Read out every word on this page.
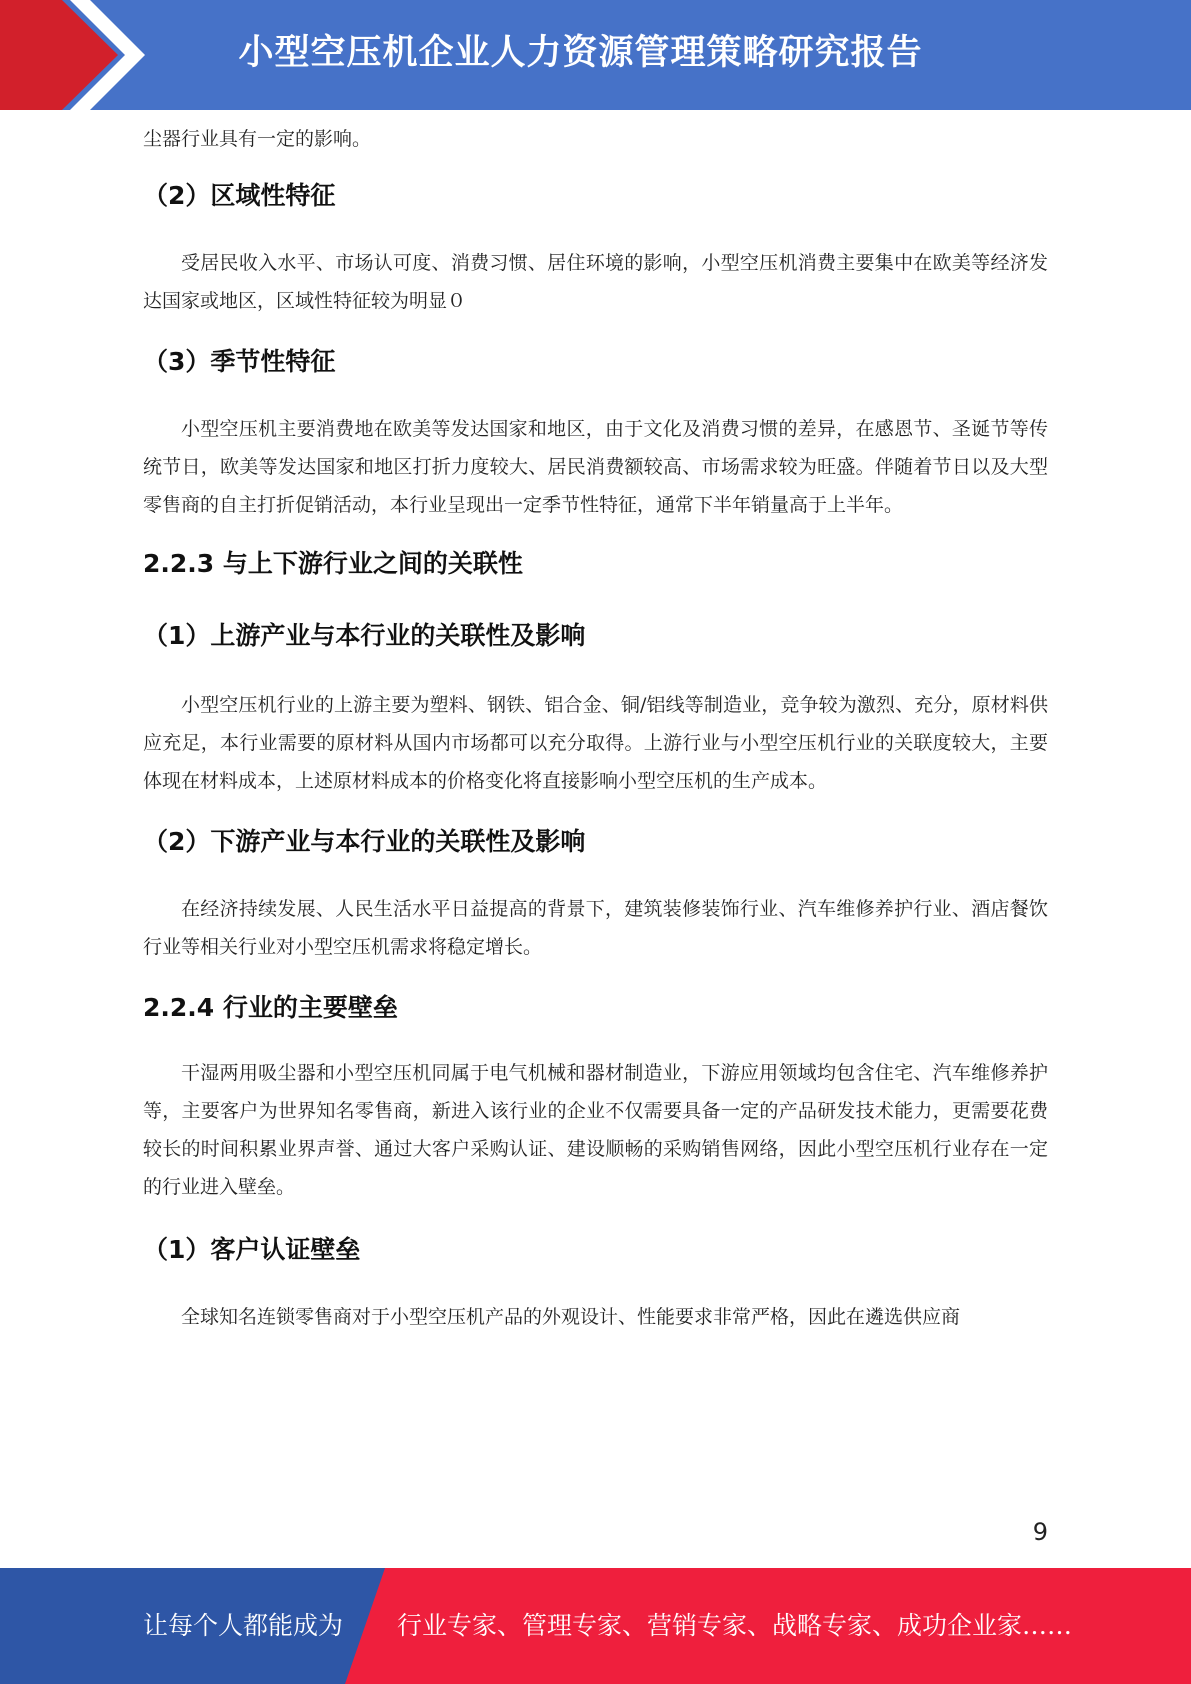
小型空压机企业人力资源管理策略研究报告

尘器行业具有一定的影响。

（2）区域性特征

受居民收入水平、市场认可度、消费习惯、居住环境的影响，小型空压机消费主要集中在欧美等经济发达国家或地区，区域性特征较为明显０

（3）季节性特征

小型空压机主要消费地在欧美等发达国家和地区，由于文化及消费习惯的差异，在感恩节、圣诞节等传统节日，欧美等发达国家和地区打折力度较大、居民消费额较高、市场需求较为旺盛。伴随着节日以及大型零售商的自主打折促销活动，本行业呈现出一定季节性特征，通常下半年销量高于上半年。

2.2.3 与上下游行业之间的关联性
（1）上游产业与本行业的关联性及影响

小型空压机行业的上游主要为塑料、钢铁、铝合金、铜/铝线等制造业，竞争较为激烈、充分，原材料供应充足，本行业需要的原材料从国内市场都可以充分取得。上游行业与小型空压机行业的关联度较大，主要体现在材料成本，上述原材料成本的价格变化将直接影响小型空压机的生产成本。

（2）下游产业与本行业的关联性及影响

在经济持续发展、人民生活水平日益提高的背景下，建筑装修装饰行业、汽车维修养护行业、酒店餐饮行业等相关行业对小型空压机需求将稳定增长。

2.2.4 行业的主要壁垒

干湿两用吸尘器和小型空压机同属于电气机械和器材制造业，下游应用领域均包含住宅、汽车维修养护等，主要客户为世界知名零售商，新进入该行业的企业不仅需要具备一定的产品研发技术能力，更需要花费较长的时间积累业界声誉、通过大客户采购认证、建设顺畅的采购销售网络，因此小型空压机行业存在一定的行业进入壁垒。

（1）客户认证壁垒

全球知名连锁零售商对于小型空压机产品的外观设计、性能要求非常严格，因此在遴选供应商

9
让每个人都能成为 行业专家、管理专家、营销专家、战略专家、成功企业家……
